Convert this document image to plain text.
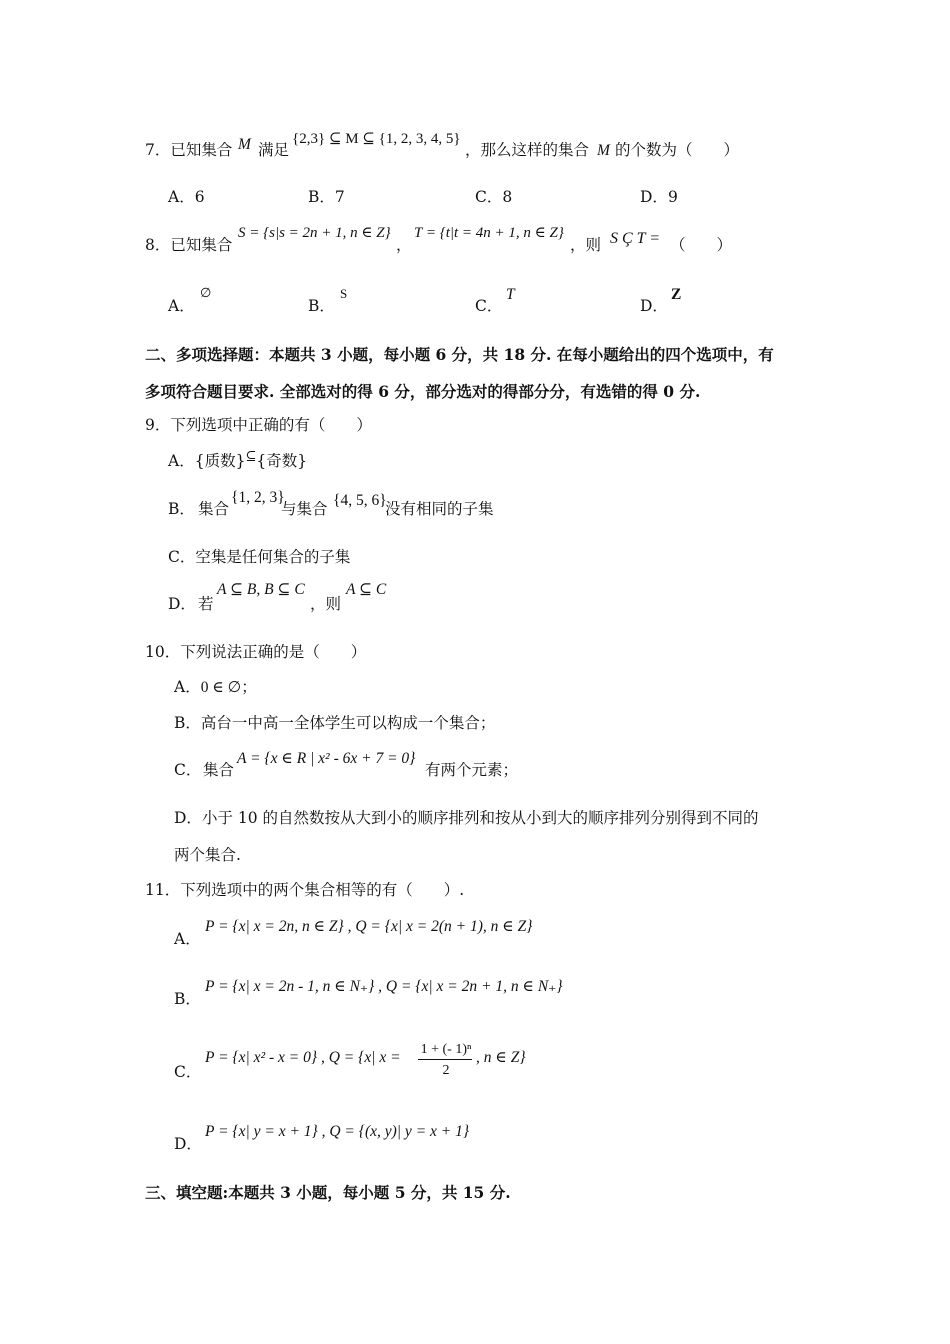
7．已知集合 M 满足
{2,3} ⊆ M ⊆ {1, 2, 3, 4, 5}
，那么这样的集合 M 的个数为（　　）
A．6	B．7	C．8	D．9
8．已知集合
S = {s|s = 2n + 1, n ∈ Z}
，
T = {t|t = 4n + 1, n ∈ Z}
，则 S Ç T = （　　）
A．
∅
B．
S
C．
T
D．
Z
二、多项选择题：本题共 3 小题，每小题 6 分，共 18 分. 在每小题给出的四个选项中，有
多项符合题目要求. 全部选对的得 6 分，部分选对的得部分分，有选错的得 0 分.
9．下列选项中正确的有（　　）
A．{质数}⊆{奇数}
B． 集合
{1, 2, 3}
与集合 {4, 5, 6}
没有相同的子集
C．空集是任何集合的子集
D． 若
A ⊆ B, B ⊆ C
，则
A ⊆ C
10．下列说法正确的是（　　）
A．0 ∈ ∅；
B．高台一中高一全体学生可以构成一个集合；
C． 集合
A = {x ∈ R | x² - 6x + 7 = 0}
有两个元素；
D．小于 10 的自然数按从大到小的顺序排列和按从小到大的顺序排列分别得到不同的
两个集合.
11．下列选项中的两个集合相等的有（　　）.
A．
P = {x| x = 2n, n ∈ Z} , Q = {x| x = 2(n + 1), n ∈ Z}
B．
P = {x| x = 2n - 1, n ∈ N₊} , Q = {x| x = 2n + 1, n ∈ N₊}
C．
P = {x| x² - x = 0} , Q = {x| x =	1 + (- 1)ⁿ
2
, n ∈ Z}
D．
P = {x| y = x + 1} , Q = {(x, y)| y = x + 1}
三、填空题:本题共 3 小题，每小题 5 分，共 15 分.
